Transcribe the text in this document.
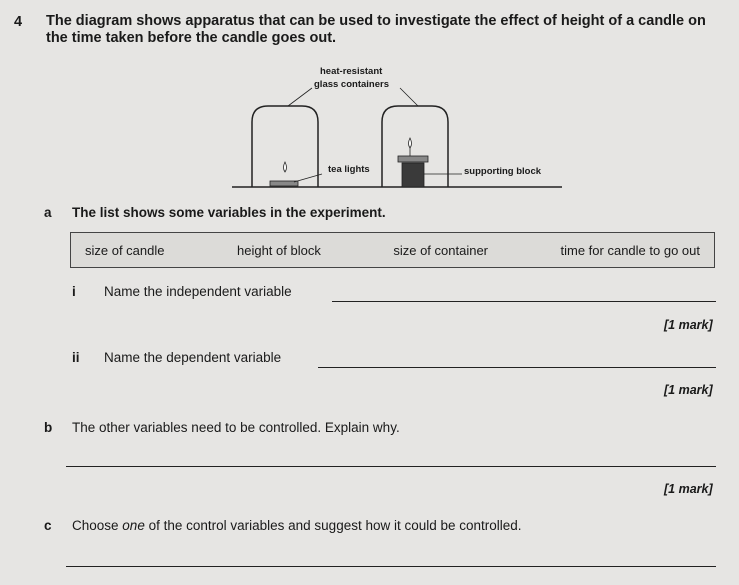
4 The diagram shows apparatus that can be used to investigate the effect of height of a candle on the time taken before the candle goes out.
heat-resistant
glass containers
tea lights	supporting block
a The list shows some variables in the experiment.
size of candle	height of block	size of container	time for candle to go out
i Name the independent variable
[1 mark]
ii Name the dependent variable
[1 mark]
b The other variables need to be controlled. Explain why.
[1 mark]
c Choose one of the control variables and suggest how it could be controlled.
